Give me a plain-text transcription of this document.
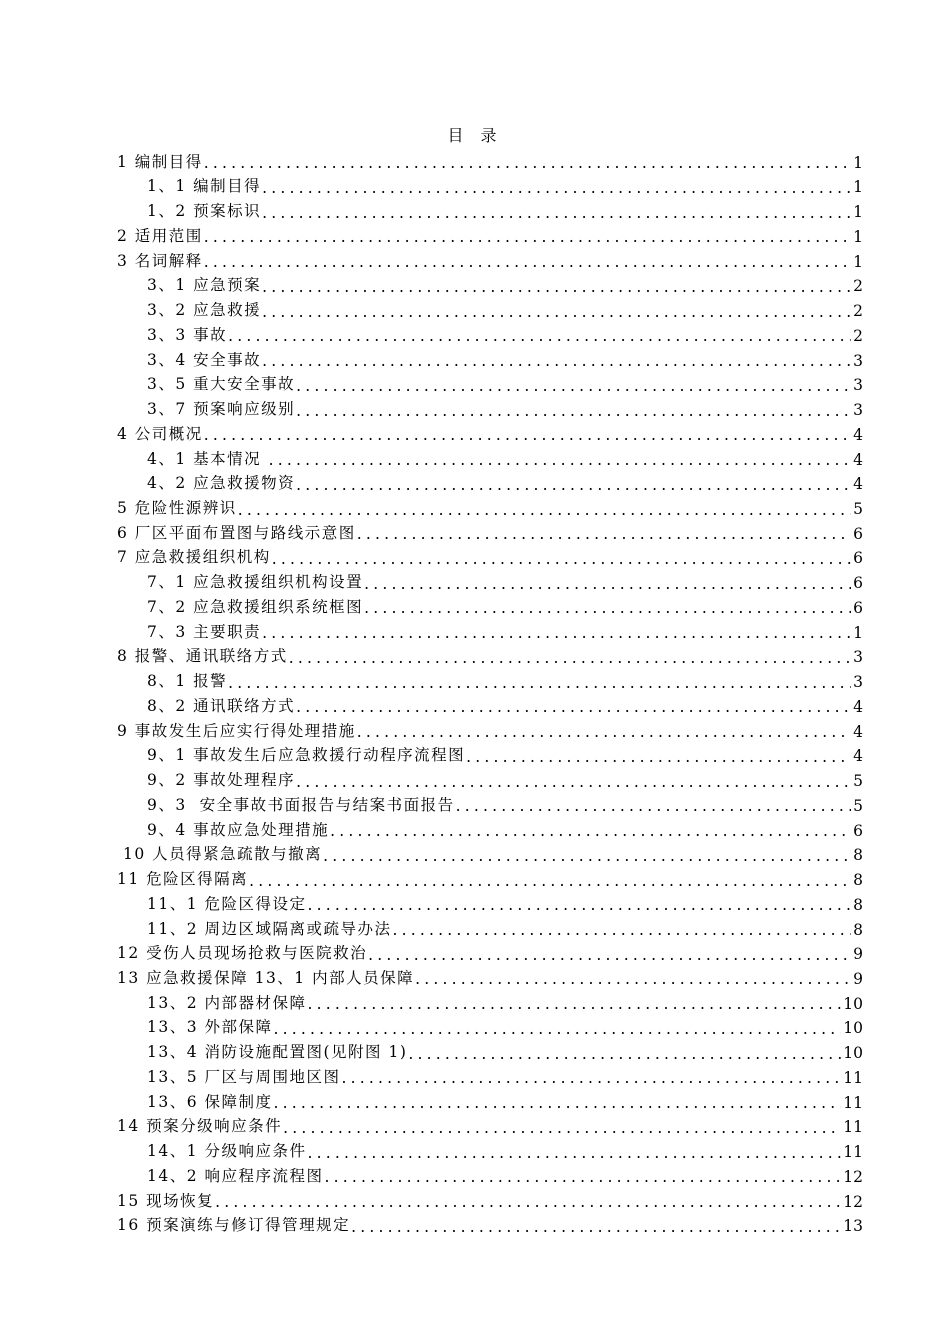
目 录
1 编制目得 .....	1
1、1 编制目得 .....	1
1、2 预案标识 .....	1
2 适用范围 .....	1
3 名词解释 .....	1
3、1 应急预案 .....	2
3、2 应急救援 .....	2
3、3 事故 .....	2
3、4 安全事故 .....	3
3、5 重大安全事故 .....	3
3、7 预案响应级别 .....	3
4 公司概况 .....	4
4、1 基本情况 .....	4
4、2 应急救援物资 .....	4
5 危险性源辨识 .....	5
6 厂区平面布置图与路线示意图 .....	6
7 应急救援组织机构 .....	6
7、1 应急救援组织机构设置 .....	6
7、2 应急救援组织系统框图 .....	6
7、3 主要职责 .....	1
8 报警、通讯联络方式 .....	3
8、1 报警 .....	3
8、2 通讯联络方式 .....	4
9 事故发生后应实行得处理措施 .....	4
9、1 事故发生后应急救援行动程序流程图 .....	4
9、2 事故处理程序 .....	5
9、3  安全事故书面报告与结案书面报告 .....	5
9、4 事故应急处理措施 .....	6
10 人员得紧急疏散与撤离 .....	8
11 危险区得隔离 .....	8
11、1 危险区得设定 .....	8
11、2 周边区域隔离或疏导办法 .....	8
12 受伤人员现场抢救与医院救治 .....	9
13 应急救援保障 13、1 内部人员保障 .....	9
13、2 内部器材保障 .....	10
13、3 外部保障 .....	10
13、4 消防设施配置图(见附图 1) .....	10
13、5 厂区与周围地区图 .....	11
13、6 保障制度 .....	11
14 预案分级响应条件 .....	11
14、1 分级响应条件 .....	11
14、2 响应程序流程图 .....	12
15 现场恢复 .....	12
16 预案演练与修订得管理规定 .....	13
